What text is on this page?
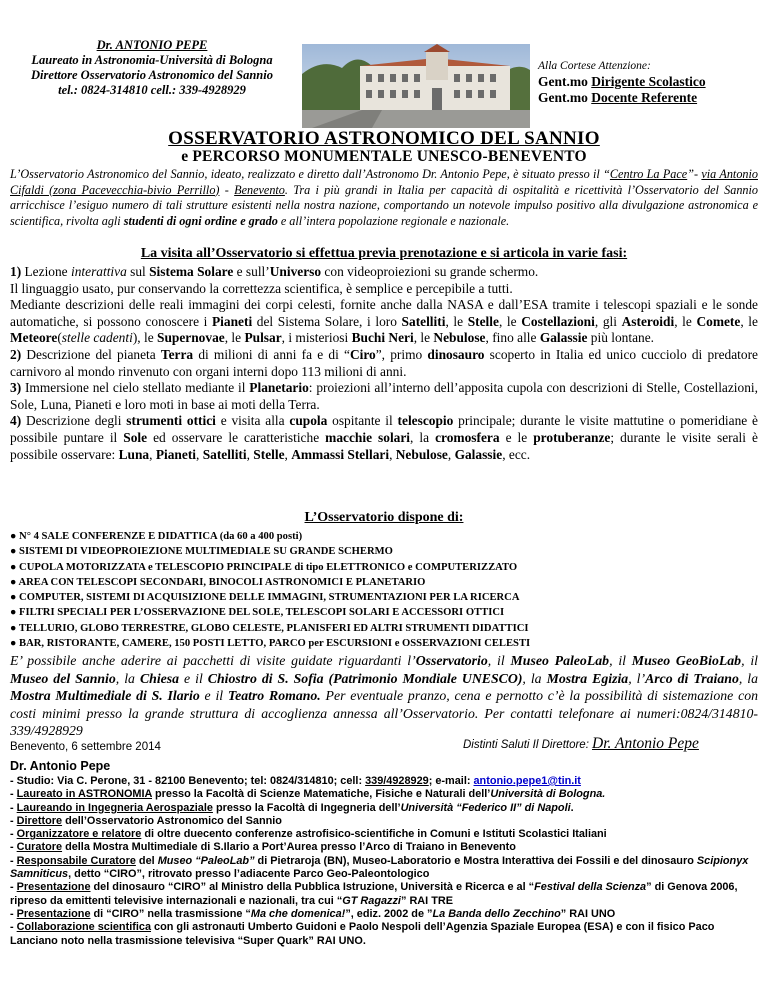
Dr. ANTONIO PEPE
Laureato in Astronomia-Università di Bologna
Direttore Osservatorio Astronomico del Sannio
tel.: 0824-314810 cell.: 339-4928929
Alla Cortese Attenzione:
Gent.mo Dirigente Scolastico
Gent.mo Docente Referente
OSSERVATORIO ASTRONOMICO DEL SANNIO
e PERCORSO MONUMENTALE UNESCO-BENEVENTO
L’Osservatorio Astronomico del Sannio, ideato, realizzato e diretto dall’Astronomo Dr. Antonio Pepe, è situato presso il “Centro La Pace”- via Antonio Cifaldi (zona Pacevecchia-bivio Perrillo) - Benevento. Tra i più grandi in Italia per capacità di ospitalità e ricettività l’Osservatorio del Sannio arricchisce l’esiguo numero di tali strutture esistenti nella nostra nazione, comportando un notevole impulso positivo alla divulgazione astronomica e scientifica, rivolta agli studenti di ogni ordine e grado e all’intera popolazione regionale e nazionale.
La visita all’Osservatorio si effettua previa prenotazione e si articola in varie fasi:

1) Lezione interattiva sul Sistema Solare e sull’Universo con videoproiezioni su grande schermo.

Il linguaggio usato, pur conservando la correttezza scientifica, è semplice e percepibile a tutti.

Mediante descrizioni delle reali immagini dei corpi celesti, fornite anche dalla NASA e dall’ESA tramite i telescopi spaziali e le sonde automatiche, si possono conoscere i Pianeti del Sistema Solare, i loro Satelliti, le Stelle, le Costellazioni, gli Asteroidi, le Comete, le Meteore(stelle cadenti), le Supernovae, le Pulsar, i misteriosi Buchi Neri, le Nebulose, fino alle Galassie più lontane.

2) Descrizione del pianeta Terra di milioni di anni fa e di “Ciro”, primo dinosauro scoperto in Italia ed unico cucciolo di predatore carnivoro al mondo rinvenuto con organi interni dopo 113 milioni di anni.

3) Immersione nel cielo stellato mediante il Planetario: proiezioni all’interno dell’apposita cupola con descrizioni di Stelle, Costellazioni, Sole, Luna, Pianeti e loro moti in base ai moti della Terra.

4) Descrizione degli strumenti ottici e visita alla cupola ospitante il telescopio principale; durante le visite mattutine o pomeridiane è possibile puntare il Sole ed osservare le caratteristiche macchie solari, la cromosfera e le protuberanze; durante le visite serali è possibile osservare: Luna, Pianeti, Satelliti, Stelle, Ammassi Stellari, Nebulose, Galassie, ecc.

L’Osservatorio dispone di:
● N° 4 SALE CONFERENZE E DIDATTICA (da 60 a 400 posti)
● SISTEMI DI VIDEOPROIEZIONE MULTIMEDIALE SU GRANDE SCHERMO
● CUPOLA MOTORIZZATA e TELESCOPIO PRINCIPALE di tipo ELETTRONICO e COMPUTERIZZATO
● AREA CON TELESCOPI SECONDARI, BINOCOLI ASTRONOMICI E PLANETARIO
● COMPUTER, SISTEMI DI ACQUISIZIONE DELLE IMMAGINI, STRUMENTAZIONI PER LA RICERCA
● FILTRI SPECIALI PER L’OSSERVAZIONE DEL SOLE, TELESCOPI SOLARI E ACCESSORI OTTICI
● TELLURIO, GLOBO TERRESTRE, GLOBO CELESTE, PLANISFERI ED ALTRI STRUMENTI DIDATTICI
● BAR, RISTORANTE, CAMERE, 150 POSTI LETTO, PARCO per ESCURSIONI e OSSERVAZIONI CELESTI
E’ possibile anche aderire ai pacchetti di visite guidate riguardanti l’Osservatorio, il Museo PaleoLab, il Museo GeoBioLab, il Museo del Sannio, la Chiesa e il Chiostro di S. Sofia (Patrimonio Mondiale UNESCO), la Mostra Egizia, l’Arco di Traiano, la Mostra Multimediale di S. Ilario e il Teatro Romano. Per eventuale pranzo, cena e pernotto c’è la possibilità di sistemazione con costi minimi presso la grande struttura di accoglienza annessa all’Osservatorio. Per contatti telefonare ai numeri:0824/314810-339/4928929
Benevento, 6 settembre 2014	Distinti Saluti Il Direttore: Dr. Antonio Pepe
Dr. Antonio Pepe
- Studio: Via C. Perone, 31 - 82100 Benevento; tel: 0824/314810; cell: 339/4928929; e-mail: antonio.pepe1@tin.it
- Laureato in ASTRONOMIA presso la Facoltà di Scienze Matematiche, Fisiche e Naturali dell’Università di Bologna.
- Laureando in Ingegneria Aerospaziale presso la Facoltà di Ingegneria dell’Università “Federico II” di Napoli.
- Direttore dell’Osservatorio Astronomico del Sannio
- Organizzatore e relatore di oltre duecento conferenze astrofisico-scientifiche in Comuni e Istituti Scolastici Italiani
- Curatore della Mostra Multimediale di S.Ilario a Port’Aurea presso l’Arco di Traiano in Benevento
- Responsabile Curatore del Museo “PaleoLab” di Pietraroja (BN), Museo-Laboratorio e Mostra Interattiva dei Fossili e del dinosauro Scipionyx Samniticus, detto “CIRO”, ritrovato presso l’adiacente Parco Geo-Paleontologico
- Presentazione del dinosauro “CIRO” al Ministro della Pubblica Istruzione, Università e Ricerca e al “Festival della Scienza” di Genova 2006, ripreso da emittenti televisive internazionali e nazionali, tra cui “GT Ragazzi” RAI TRE
- Presentazione di “CIRO” nella trasmissione “Ma che domenica!”, ediz. 2002 de ”La Banda dello Zecchino” RAI UNO
- Collaborazione scientifica con gli astronauti Umberto Guidoni e Paolo Nespoli dell’Agenzia Spaziale Europea (ESA) e con il fisico Paco Lanciano noto nella trasmissione televisiva “Super Quark” RAI UNO.
